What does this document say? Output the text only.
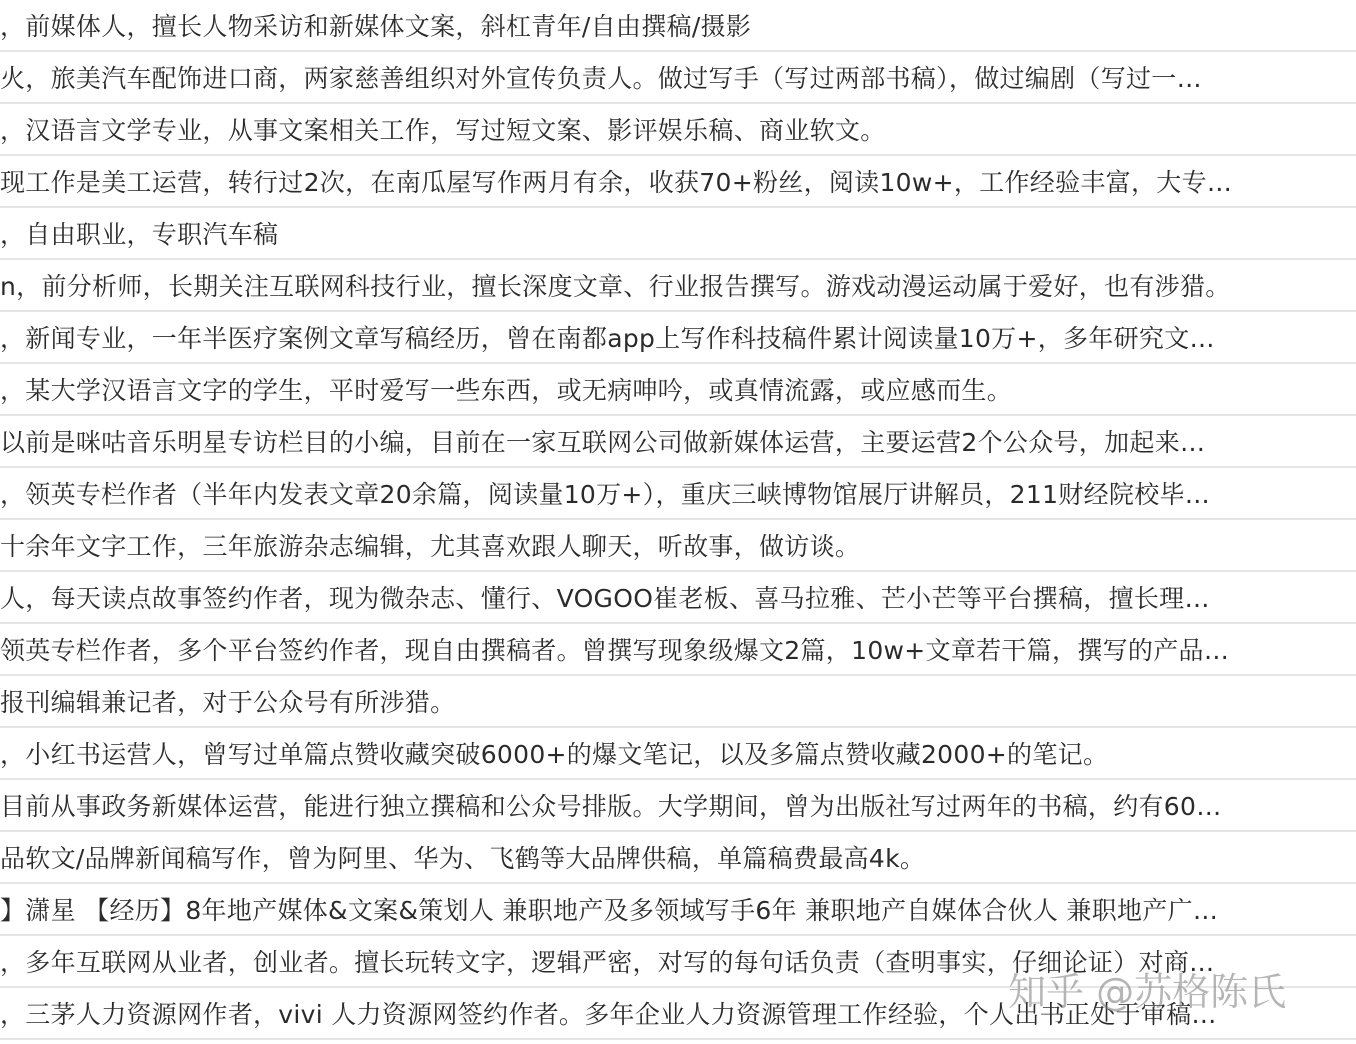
，前媒体人，擅长人物采访和新媒体文案，斜杠青年/自由撰稿/摄影
火，旅美汽车配饰进口商，两家慈善组织对外宣传负责人。做过写手（写过两部书稿），做过编剧（写过一…
，汉语言文学专业，从事文案相关工作，写过短文案、影评娱乐稿、商业软文。
现工作是美工运营，转行过2次，在南瓜屋写作两月有余，收获70+粉丝，阅读10w+，工作经验丰富，大专…
，自由职业，专职汽车稿
n，前分析师，长期关注互联网科技行业，擅长深度文章、行业报告撰写。游戏动漫运动属于爱好，也有涉猎。
，新闻专业，一年半医疗案例文章写稿经历，曾在南都app上写作科技稿件累计阅读量10万+，多年研究文…
，某大学汉语言文字的学生，平时爱写一些东西，或无病呻吟，或真情流露，或应感而生。
以前是咪咕音乐明星专访栏目的小编，目前在一家互联网公司做新媒体运营，主要运营2个公众号，加起来…
，领英专栏作者（半年内发表文章20余篇，阅读量10万+），重庆三峡博物馆展厅讲解员，211财经院校毕…
十余年文字工作，三年旅游杂志编辑，尤其喜欢跟人聊天，听故事，做访谈。
人，每天读点故事签约作者，现为微杂志、懂行、VOGOO崔老板、喜马拉雅、芒小芒等平台撰稿，擅长理…
领英专栏作者，多个平台签约作者，现自由撰稿者。曾撰写现象级爆文2篇，10w+文章若干篇，撰写的产品…
报刊编辑兼记者，对于公众号有所涉猎。
，小红书运营人，曾写过单篇点赞收藏突破6000+的爆文笔记，以及多篇点赞收藏2000+的笔记。
目前从事政务新媒体运营，能进行独立撰稿和公众号排版。大学期间，曾为出版社写过两年的书稿，约有60…
品软文/品牌新闻稿写作，曾为阿里、华为、飞鹤等大品牌供稿，单篇稿费最高4k。
】潇星 【经历】8年地产媒体&文案&策划人 兼职地产及多领域写手6年 兼职地产自媒体合伙人 兼职地产广…
，多年互联网从业者，创业者。擅长玩转文字，逻辑严密，对写的每句话负责（查明事实，仔细论证）对商…
，三茅人力资源网作者，vivi 人力资源网签约作者。多年企业人力资源管理工作经验，个人出书正处于审稿…
知乎 @苏格陈氏
